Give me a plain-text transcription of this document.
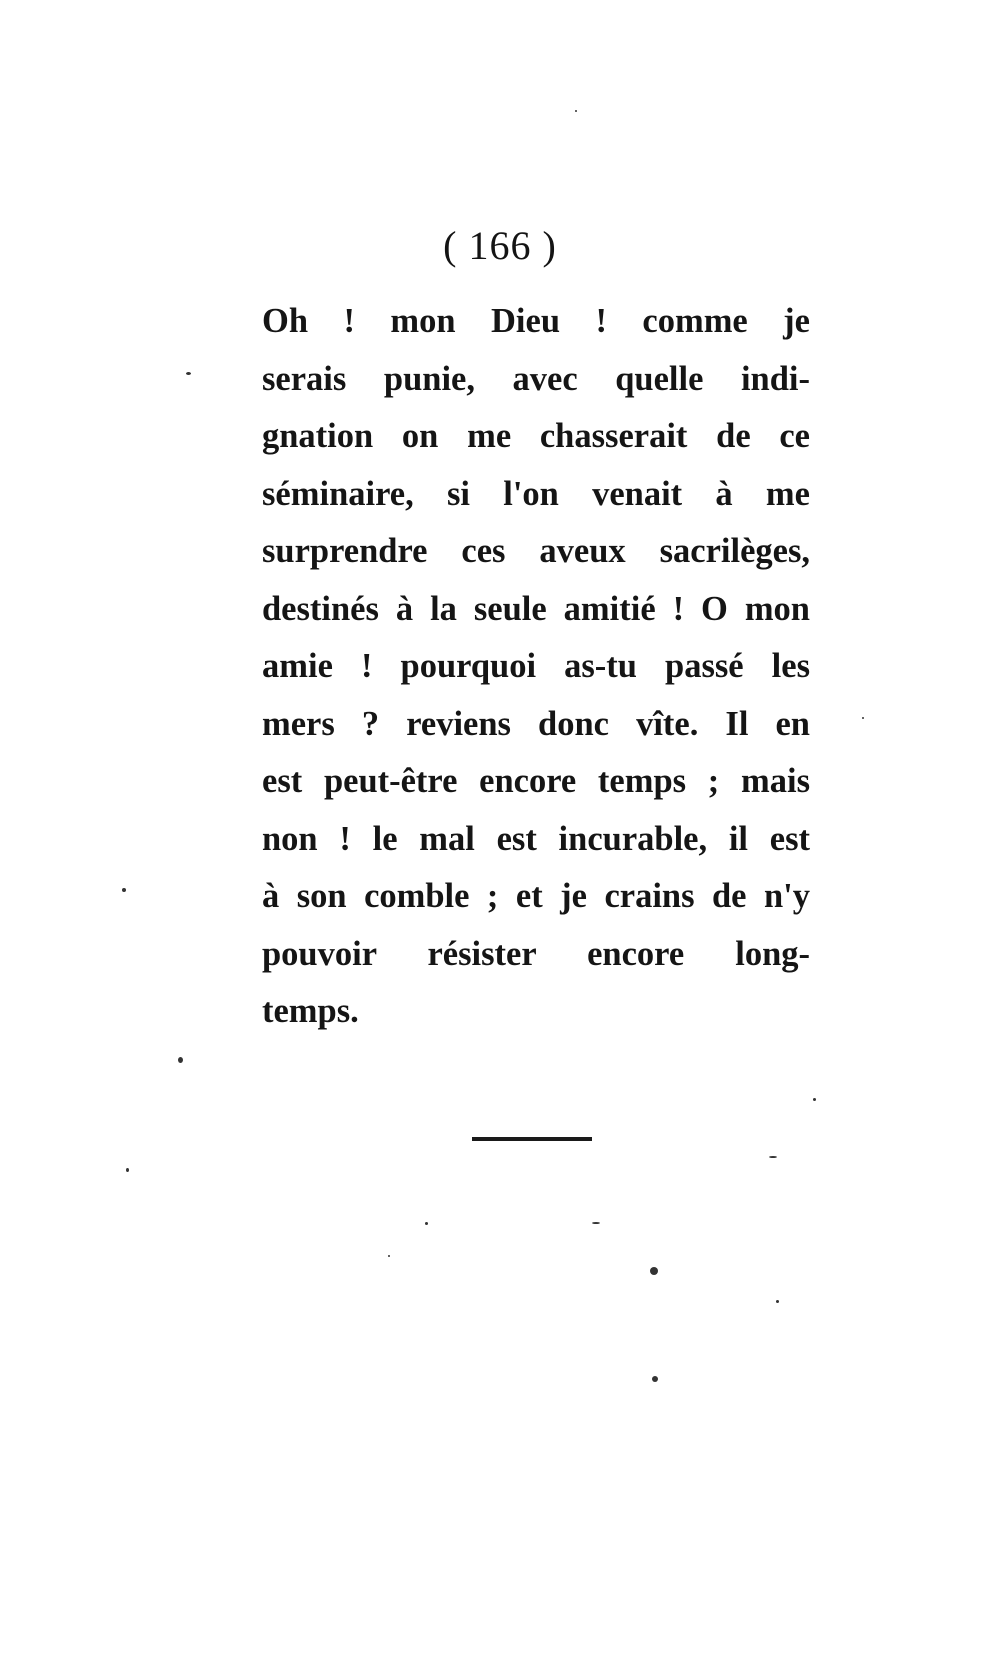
( 166 )
Oh ! mon Dieu ! comme je
serais punie, avec quelle indi-
gnation on me chasserait de ce
séminaire, si l'on venait à me
surprendre ces aveux sacrilèges,
destinés à la seule amitié ! O mon
amie ! pourquoi as-tu passé les
mers ? reviens donc vîte. Il en
est peut-être encore temps ; mais
non ! le mal est incurable, il est
à son comble ; et je crains de n'y
pouvoir résister encore long-
temps.
